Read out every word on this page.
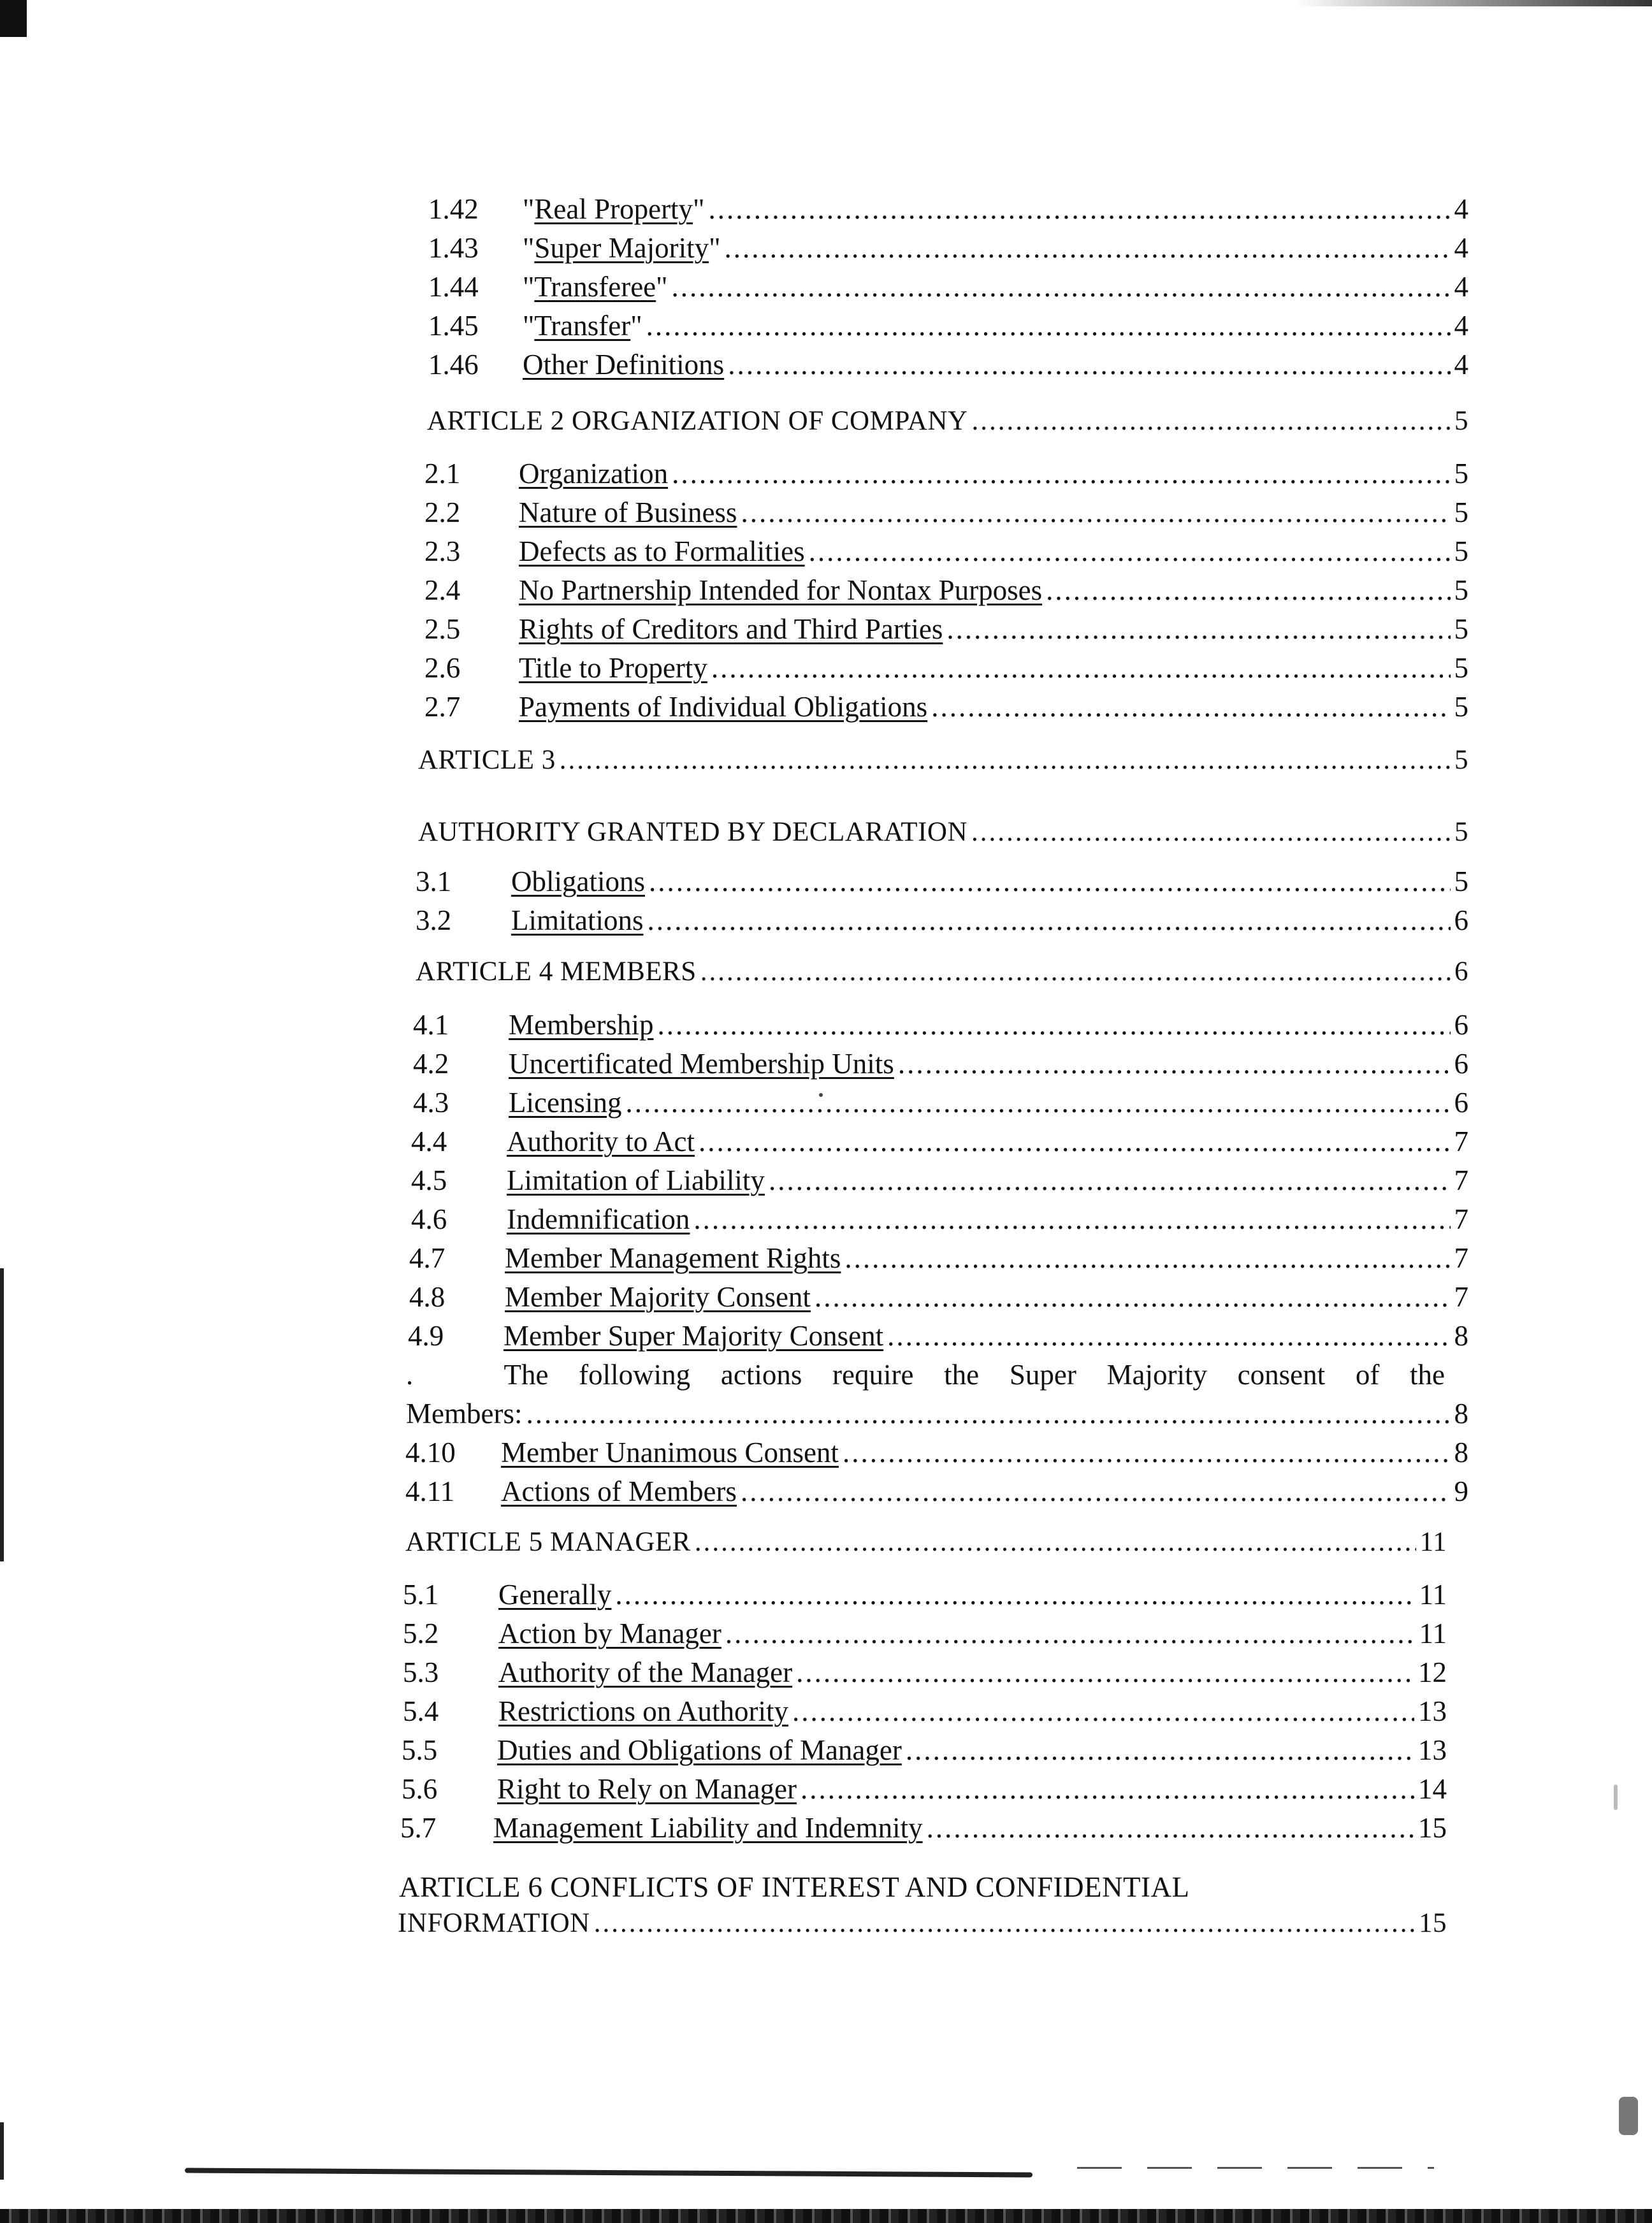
1.42	"Real Property" .....	4
1.43	"Super Majority" .....	4
1.44	"Transferee" .....	4
1.45	"Transfer" .....	4
1.46	Other Definitions .....	4
ARTICLE 2 ORGANIZATION OF COMPANY .....	5
2.1	Organization .....	5
2.2	Nature of Business .....	5
2.3	Defects as to Formalities .....	5
2.4	No Partnership Intended for Nontax Purposes .....	5
2.5	Rights of Creditors and Third Parties .....	5
2.6	Title to Property .....	5
2.7	Payments of Individual Obligations .....	5
ARTICLE 3 .....	5
AUTHORITY GRANTED BY DECLARATION .....	5
3.1	Obligations .....	5
3.2	Limitations .....	6
ARTICLE 4 MEMBERS .....	6
4.1	Membership .....	6
4.2	Uncertificated Membership Units .....	6
4.3	Licensing .....	6
4.4	Authority to Act .....	7
4.5	Limitation of Liability .....	7
4.6	Indemnification .....	7
4.7	Member Management Rights .....	7
4.8	Member Majority Consent .....	7
4.9	Member Super Majority Consent .....	8
.   The following actions require the Super Majority consent of the
Members: .....	8
4.10	Member Unanimous Consent .....	8
4.11	Actions of Members .....	9
ARTICLE 5 MANAGER .....	11
5.1	Generally .....	11
5.2	Action by Manager .....	11
5.3	Authority of the Manager .....	12
5.4	Restrictions on Authority .....	13
5.5	Duties and Obligations of Manager .....	13
5.6	Right to Rely on Manager .....	14
5.7	Management Liability and Indemnity .....	15
ARTICLE 6 CONFLICTS OF INTEREST AND CONFIDENTIAL
INFORMATION .....	15
